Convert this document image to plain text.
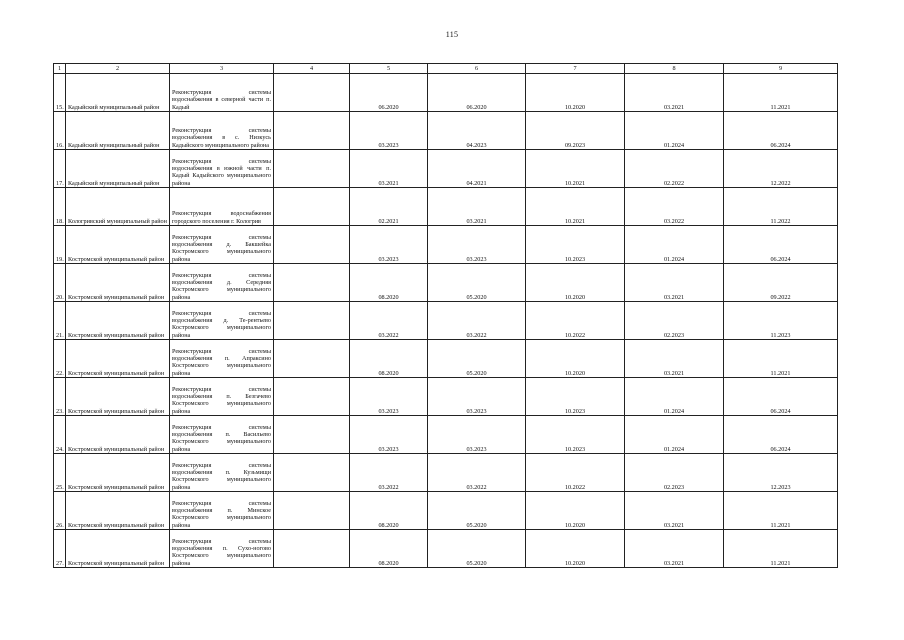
115
1	2	3	4	5	6	7	8	9
15.	Кадыйский муниципальный район	Реконструкция системы водоснабжения в северной части п. Кадый		06.2020	06.2020	10.2020	03.2021	11.2021
16.	Кадыйский муниципальный район	Реконструкция системы водоснабжения в с. Низкусь Кадыйского муниципального района		03.2023	04.2023	09.2023	01.2024	06.2024
17.	Кадыйский муниципальный район	Реконструкция системы водоснабжения в южной части п. Кадый Кадыйского муниципального района		03.2021	04.2021	10.2021	02.2022	12.2022
18.	Кологривский муниципальный район	Реконструкция водоснабжения городского поселения г. Кологрив		02.2021	03.2021	10.2021	03.2022	11.2022
19.	Костромской муниципальный район	Реконструкция системы водоснабжения д. Бакшейка Костромского муниципального района		03.2023	03.2023	10.2023	01.2024	06.2024
20.	Костромской муниципальный район	Реконструкция системы водоснабжения д. Середняя Костромского муниципального района		08.2020	05.2020	10.2020	03.2021	09.2022
21.	Костромской муниципальный район	Реконструкция системы водоснабжения д. Те-рентьево Костромского муниципального района		03.2022	03.2022	10.2022	02.2023	11.2023
22.	Костромской муниципальный район	Реконструкция системы водоснабжения п. Апраксино Костромского муниципального района		08.2020	05.2020	10.2020	03.2021	11.2021
23.	Костромской муниципальный район	Реконструкция системы водоснабжения п. Безгачево Костромского муниципального района		03.2023	03.2023	10.2023	01.2024	06.2024
24.	Костромской муниципальный район	Реконструкция системы водоснабжения п. Васильево Костромского муниципального района		03.2023	03.2023	10.2023	01.2024	06.2024
25.	Костромской муниципальный район	Реконструкция системы водоснабжения п. Кузьмищи Костромского муниципального района		03.2022	03.2022	10.2022	02.2023	12.2023
26.	Костромской муниципальный район	Реконструкция системы водоснабжения п. Минское Костромского муниципального района		08.2020	05.2020	10.2020	03.2021	11.2021
27.	Костромской муниципальный район	Реконструкция системы водоснабжения п. Сухо-ногово Костромского муниципального района		08.2020	05.2020	10.2020	03.2021	11.2021
